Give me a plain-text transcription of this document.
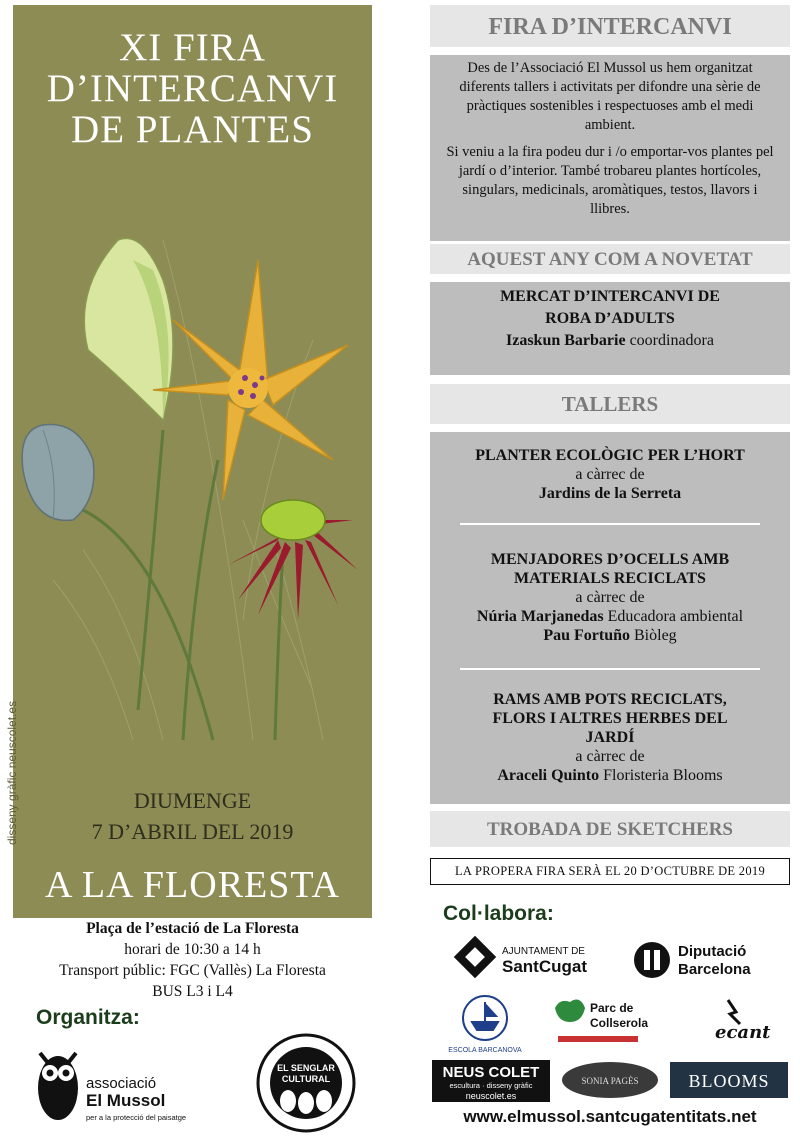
XI FIRA
D’INTERCANVI
DE PLANTES
disseny gràfic neuscolet.es	DIUMENGE
7 D’ABRIL DEL 2019
A LA FLORESTA
Plaça de l’estació de La Floresta
horari de 10:30 a 14 h
Transport públic: FGC (Vallès) La Floresta
BUS L3 i L4
Organitza:
associació
El Mussol
per a la protecció del paisatge
EL SENGLAR
CULTURAL
FIRA D’INTERCANVI

Des de l’Associació El Mussol us hem organitzat diferents tallers i activitats per difondre una sèrie de pràctiques sostenibles i respectuoses amb el medi ambient.

Si veniu a la fira podeu dur i /o emportar-vos plantes pel jardí o d’interior. També trobareu plantes hortícoles, singulars, medicinals, aromàtiques, testos, llavors i llibres.

AQUEST ANY COM A NOVETAT
MERCAT D’INTERCANVI DE
ROBA D’ADULTS
Izaskun Barbarie coordinadora
TALLERS
PLANTER ECOLÒGIC PER L’HORT
a càrrec de
Jardins de la Serreta
MENJADORES D’OCELLS AMB
MATERIALS RECICLATS
a càrrec de
Núria Marjanedas Educadora ambiental
Pau Fortuño Biòleg
RAMS AMB POTS RECICLATS,
FLORS I ALTRES HERBES DEL
JARDÍ
a càrrec de
Araceli Quinto Floristeria Blooms
TROBADA DE SKETCHERS
LA PROPERA FIRA SERÀ EL 20 D’OCTUBRE DE 2019
Col·labora:
AJUNTAMENT DE
SantCugat
Diputació
Barcelona
ESCOLA BARCANOVA
Parc de
Collserola	ecant
NEUS COLET
escultura · disseny gràfic
neuscolet.es
SONIA PAGÈS	BLOOMS
www.elmussol.santcugatentitats.net
